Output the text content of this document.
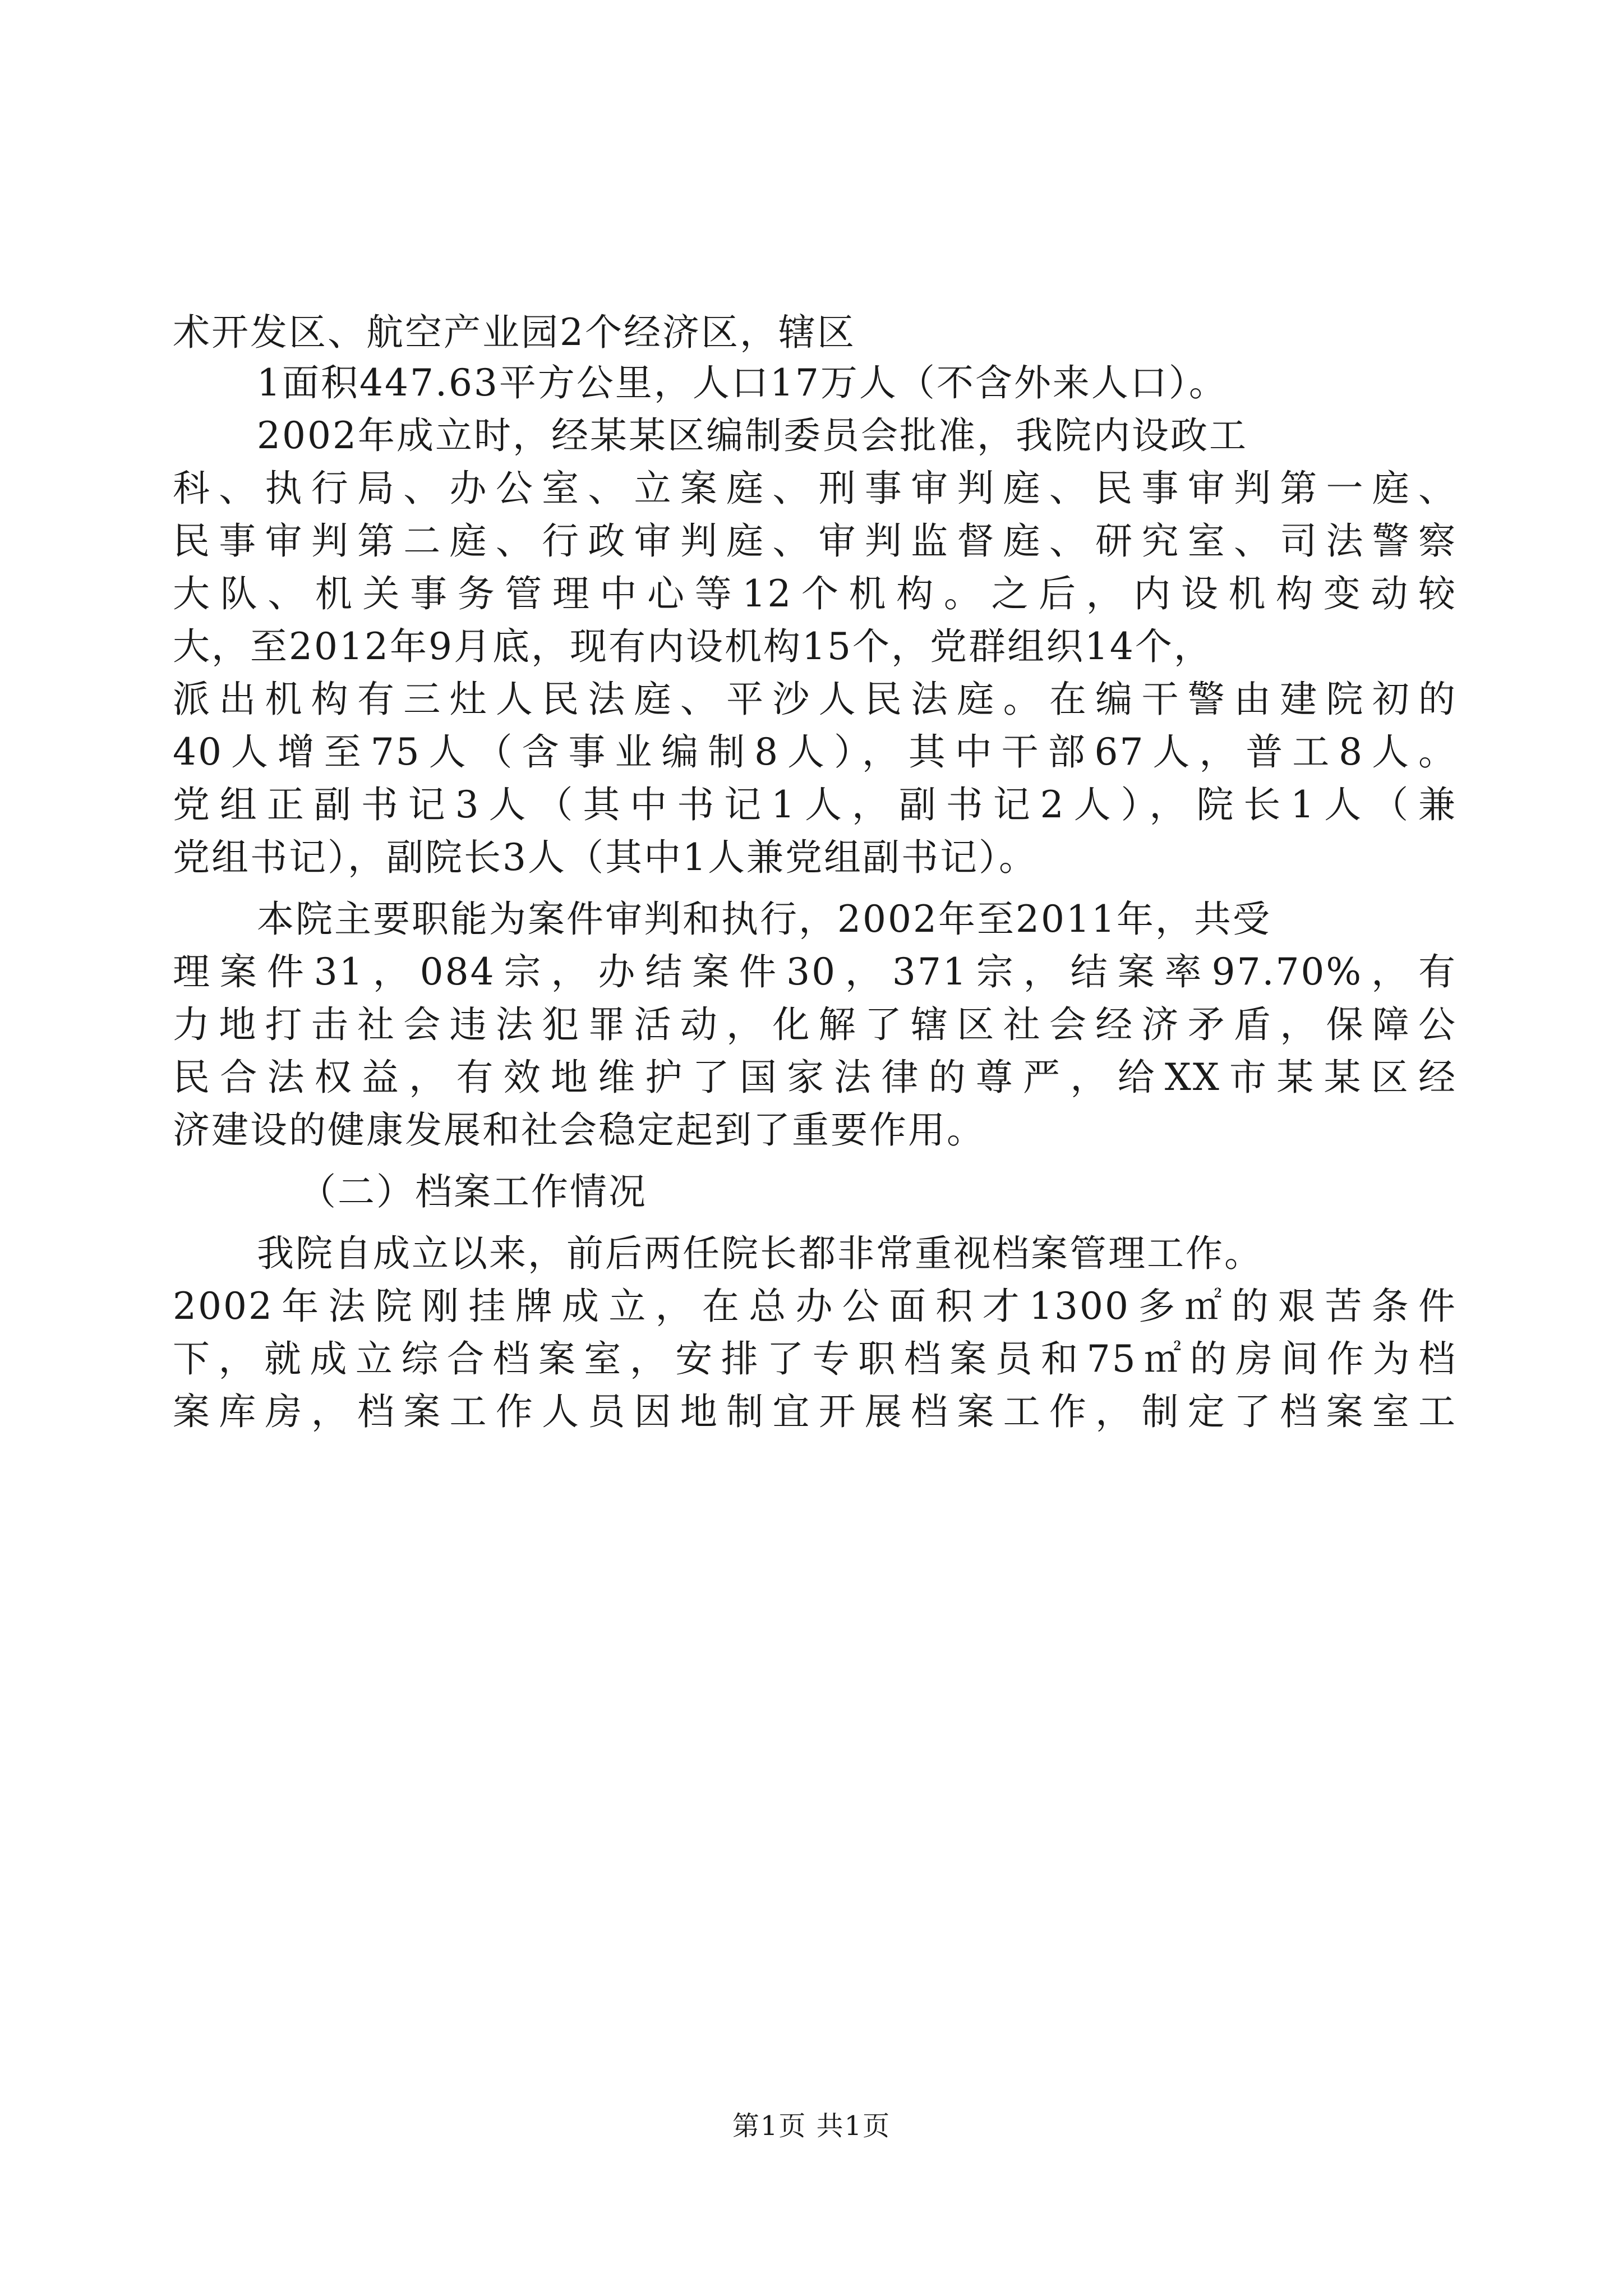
术开发区、航空产业园2个经济区，辖区
1面积447.63平方公里，人口17万人（不含外来人口）。
2002年成立时，经某某区编制委员会批准，我院内设政工
科、执行局、办公室、立案庭、刑事审判庭、民事审判第一庭、
民事审判第二庭、行政审判庭、审判监督庭、研究室、司法警察
大队、机关事务管理中心等12个机构。之后，内设机构变动较
大，至2012年9月底，现有内设机构15个，党群组织14个，
派出机构有三灶人民法庭、平沙人民法庭。在编干警由建院初的
40人增至75人（含事业编制8人），其中干部67人，普工8人。
党组正副书记3人（其中书记1人，副书记2人），院长1人（兼
党组书记），副院长3人（其中1人兼党组副书记）。
本院主要职能为案件审判和执行，2002年至2011年，共受
理案件31，084宗，办结案件30，371宗，结案率97.70%，有
力地打击社会违法犯罪活动，化解了辖区社会经济矛盾，保障公
民合法权益，有效地维护了国家法律的尊严，给XX市某某区经
济建设的健康发展和社会稳定起到了重要作用。
（二）档案工作情况
我院自成立以来，前后两任院长都非常重视档案管理工作。
2002年法院刚挂牌成立，在总办公面积才1300多㎡的艰苦条件
下，就成立综合档案室，安排了专职档案员和75㎡的房间作为档
案库房，档案工作人员因地制宜开展档案工作，制定了档案室工
第1页 共1页
